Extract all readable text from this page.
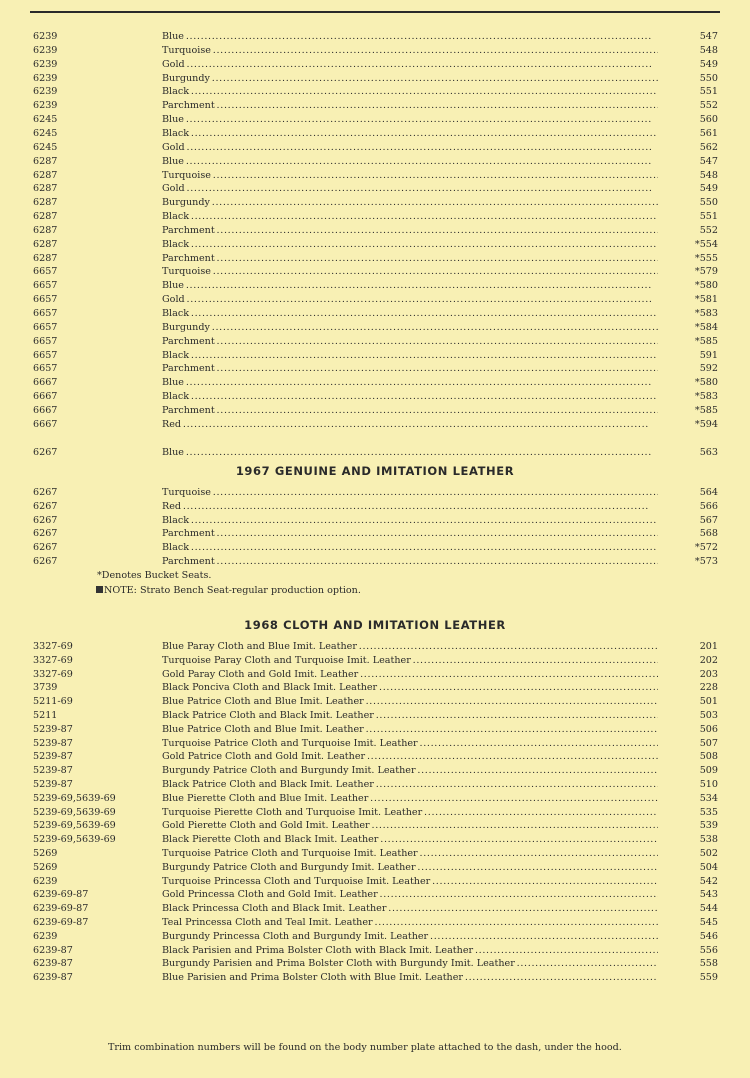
6239	Blue . . .	547
6239	Turquoise . . .	548
6239	Gold . . .	549
6239	Burgundy . . .	550
6239	Black . . .	551
6239	Parchment . . .	552
6245	Blue . . .	560
6245	Black . . .	561
6245	Gold . . .	562
6287	Blue . . .	547
6287	Turquoise . . .	548
6287	Gold . . .	549
6287	Burgundy . . .	550
6287	Black . . .	551
6287	Parchment . . .	552
6287	Black . . .	*554
6287	Parchment . . .	*555
6657	Turquoise . . .	*579
6657	Blue . . .	*580
6657	Gold . . .	*581
6657	Black . . .	*583
6657	Burgundy . . .	*584
6657	Parchment . . .	*585
6657	Black . . .	591
6657	Parchment . . .	592
6667	Blue . . .	*580
6667	Black . . .	*583
6667	Parchment . . .	*585
6667	Red . . .	*594
6267	Blue . . .	563
1967 GENUINE AND IMITATION LEATHER
6267	Turquoise . . .	564
6267	Red . . .	566
6267	Black . . .	567
6267	Parchment . . .	568
6267	Black . . .	*572
6267	Parchment . . .	*573
*Denotes Bucket Seats.
NOTE: Strato Bench Seat-regular production option.
1968 CLOTH AND IMITATION LEATHER
3327-69	Blue Paray Cloth and Blue Imit. Leather . . .	201
3327-69	Turquoise Paray Cloth and Turquoise Imit. Leather . . .	202
3327-69	Gold Paray Cloth and Gold Imit. Leather . . .	203
3739	Black Ponciva Cloth and Black Imit. Leather . . .	228
5211-69	Blue Patrice Cloth and Blue Imit. Leather . . .	501
5211	Black Patrice Cloth and Black Imit. Leather . . .	503
5239-87	Blue Patrice Cloth and Blue Imit. Leather . . .	506
5239-87	Turquoise Patrice Cloth and Turquoise Imit. Leather . . .	507
5239-87	Gold Patrice Cloth and Gold Imit. Leather . . .	508
5239-87	Burgundy Patrice Cloth and Burgundy Imit. Leather . . .	509
5239-87	Black Patrice Cloth and Black Imit. Leather . . .	510
5239-69,5639-69	Blue Pierette Cloth and Blue Imit. Leather . . .	534
5239-69,5639-69	Turquoise Pierette Cloth and Turquoise Imit. Leather . . .	535
5239-69,5639-69	Gold Pierette Cloth and Gold Imit. Leather . . .	539
5239-69,5639-69	Black Pierette Cloth and Black Imit. Leather . . .	538
5269	Turquoise Patrice Cloth and Turquoise Imit. Leather . . .	502
5269	Burgundy Patrice Cloth and Burgundy Imit. Leather . . .	504
6239	Turquoise Princessa Cloth and Turquoise Imit. Leather . . .	542
6239-69-87	Gold Princessa Cloth and Gold Imit. Leather . . .	543
6239-69-87	Black Princessa Cloth and Black Imit. Leather . . .	544
6239-69-87	Teal Princessa Cloth and Teal Imit. Leather . . .	545
6239	Burgundy Princessa Cloth and Burgundy Imit. Leather . . .	546
6239-87	Black Parisien and Prima Bolster Cloth with Black Imit. Leather . . .	556
6239-87	Burgundy Parisien and Prima Bolster Cloth with Burgundy Imit. Leather . . .	558
6239-87	Blue Parisien and Prima Bolster Cloth with Blue Imit. Leather . . .	559
Trim combination numbers will be found on the body number plate attached to the dash, under the hood.
